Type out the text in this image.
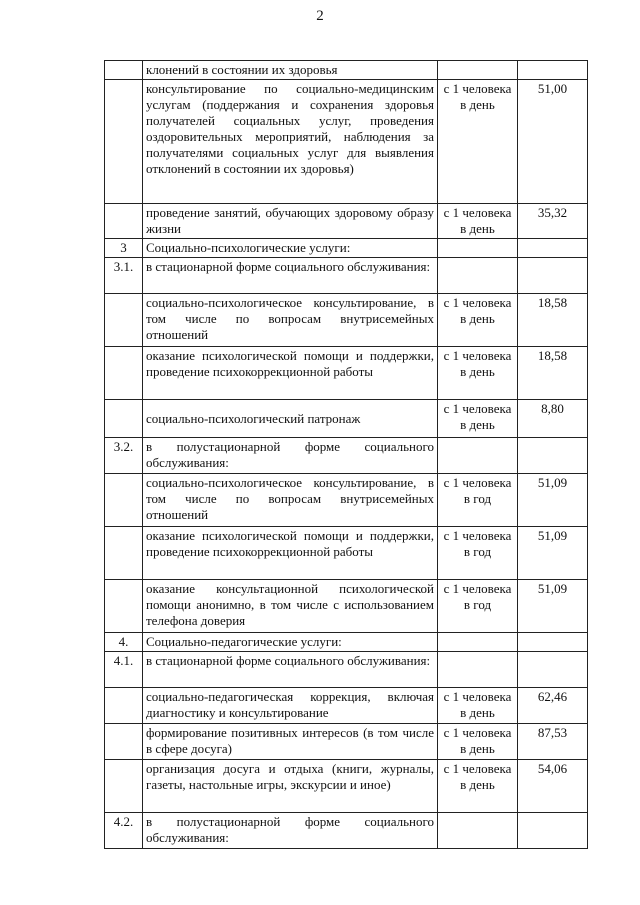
2
	клонений в состоянии их здоровья		
	консультирование по социально-медицинским услугам (поддержания и сохранения здоровья получателей социальных услуг, проведения оздоровительных мероприятий, наблюдения за получателями социальных услуг для выявления отклонений в состоянии их здоровья)	с 1 человека в день	51,00
	проведение занятий, обучающих здоровому образу жизни	с 1 человека в день	35,32
3	Социально-психологические услуги:		
3.1.	в стационарной форме социального обслуживания:		
	социально-психологическое консультирование, в том числе по вопросам внутрисемейных отношений	с 1 человека в день	18,58
	оказание психологической помощи и поддержки, проведение психокоррекционной работы	с 1 человека в день	18,58
	социально-психологический патронаж	с 1 человека в день	8,80
3.2.	в полустационарной форме социального обслуживания:		
	социально-психологическое консультирование, в том числе по вопросам внутрисемейных отношений	с 1 человека в год	51,09
	оказание психологической помощи и поддержки, проведение психокоррекционной работы	с 1 человека в год	51,09
	оказание консультационной психологической помощи анонимно, в том числе с использованием телефона доверия	с 1 человека в год	51,09
4.	Социально-педагогические услуги:		
4.1.	в стационарной форме социального обслуживания:		
	социально-педагогическая коррекция, включая диагностику и консультирование	с 1 человека в день	62,46
	формирование позитивных интересов (в том числе в сфере досуга)	с 1 человека в день	87,53
	организация досуга и отдыха (книги, журналы, газеты, настольные игры, экскурсии и иное)	с 1 человека в день	54,06
4.2.	в полустационарной форме социального обслуживания:		
